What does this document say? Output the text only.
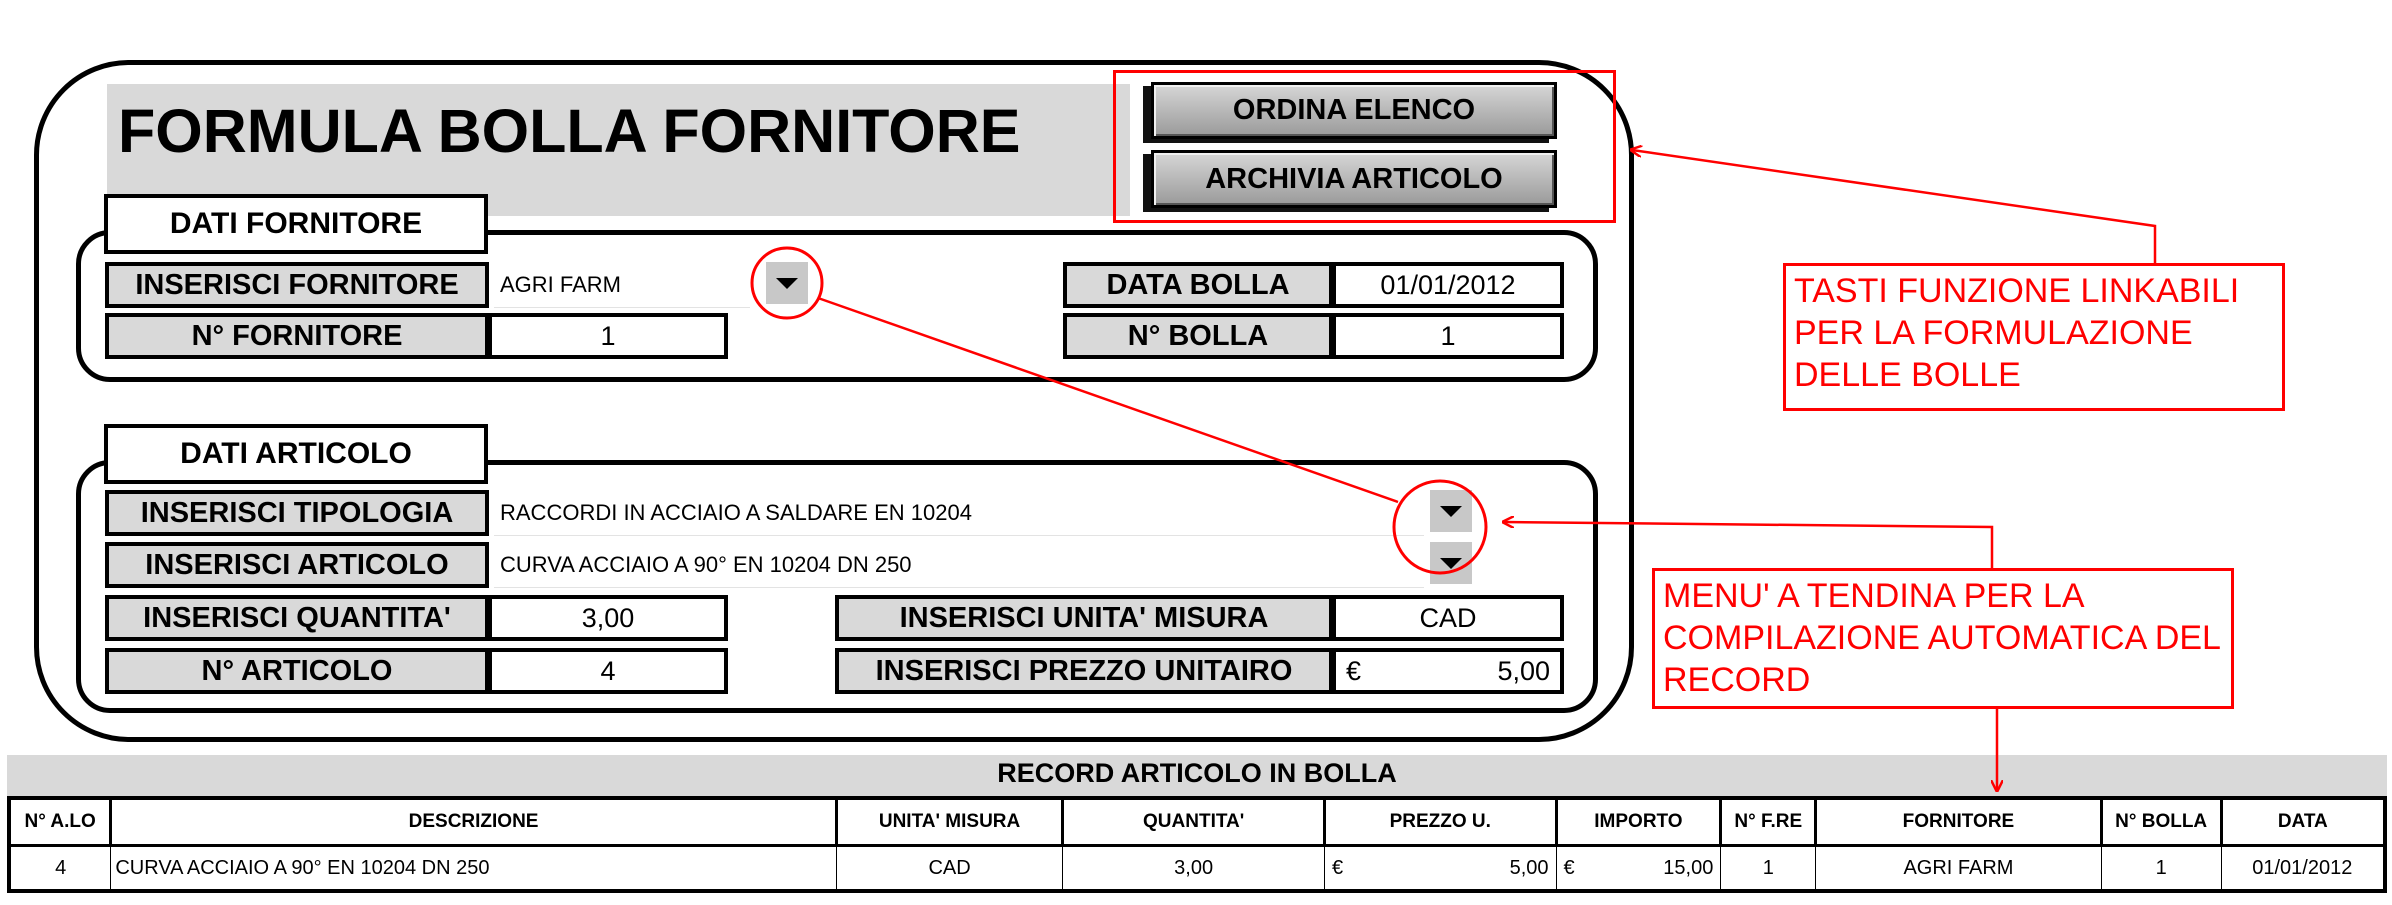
FORMULA BOLLA FORNITORE	ORDINA ELENCO
ARCHIVIA ARTICOLO
DATI FORNITORE
INSERISCI FORNITORE	AGRI FARM
N° FORNITORE	1
DATA BOLLA	01/01/2012
N° BOLLA	1
DATI ARTICOLO
INSERISCI TIPOLOGIA	RACCORDI IN ACCIAIO A SALDARE EN 10204
INSERISCI ARTICOLO	CURVA ACCIAIO A 90° EN 10204 DN 250
INSERISCI QUANTITA'	3,00
N° ARTICOLO	4
INSERISCI UNITA' MISURA	CAD
INSERISCI PREZZO UNITAIRO	€	5,00
RECORD ARTICOLO IN BOLLA
N° A.LO	DESCRIZIONE	UNITA' MISURA	QUANTITA'	PREZZO U.	IMPORTO	N° F.RE	FORNITORE	N° BOLLA	DATA
4	CURVA ACCIAIO A 90° EN 10204 DN 250	CAD	3,00	€ 5,00	€ 15,00	1	AGRI FARM	1	01/01/2012
TASTI FUNZIONE LINKABILI
PER LA FORMULAZIONE
DELLE BOLLE
MENU' A TENDINA PER LA
COMPILAZIONE AUTOMATICA DEL
RECORD
